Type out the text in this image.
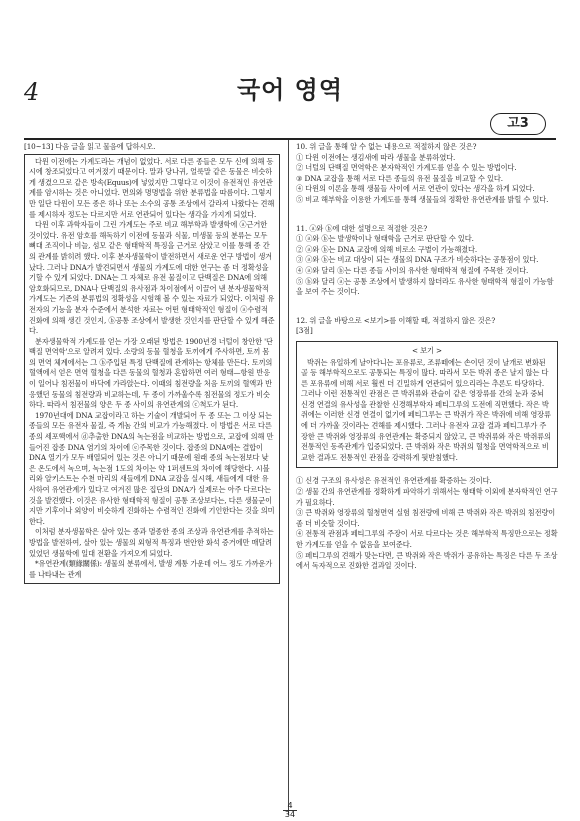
4	국어 영역
고3

[10~13] 다음 글을 읽고 물음에 답하시오.

다윈 이전에는 가계도라는 개념이 없었다. 서로 다른 종들은 모두 신에 의해 동시에 창조되었다고 여겨졌기 때문이다. 말과 당나귀, 얼룩말 같은 동물은 비슷하게 생겼으므로 같은 방속(Equus)에 넣었지만 그렇다고 이것이 유전적인 유연관계를 암시하는 것은 아니었다. 면의와 명명법을 위한 분류법을 따름이다. 그렇지만 일단 다윈이 모든 종은 하나 또는 소수의 공통 조상에서 갈라져 나왔다는 견해를 제시하자 정도는 다르지만 서로 연관되어 있다는 생각을 가지게 되었다.

다윈 이후 과학자들이 그린 가계도는 주로 비교 해부학과 발생학에 ⓐ근거한 것이었다. 유전 암호를 해독하기 이전에 동물과 식물, 미생물 등의 분류는 모두 뼈대 조직이나 비늘, 섬모 같은 형태학적 특징을 근거로 삼았고 이를 통해 종 간의 관계를 밝히려 했다. 이후 분자생물학이 발전하면서 새로운 연구 방법이 생겨났다. 그러나 DNA가 발견되면서 생물의 가계도에 대한 연구는 좀 더 정확성을 기할 수 있게 되었다. DNA는 그 자체로 유전 물질이고 단백질은 DNA에 의해 암호화되므로, DNA나 단백질의 유사점과 차이점에서 이끌어 낸 분자생물학적 가계도는 기존의 분류법의 정확성을 시험해 볼 수 있는 자료가 되었다. 이처럼 유전자의 기능을 분자 수준에서 분석한 자료는 어떤 형태학적인 형질이 ⓐ수렴적 진화에 의해 생긴 것인지, ⓑ공통 조상에서 발생한 것인지를 판단할 수 있게 해준다.

분자생물학적 가계도를 얻는 가장 오래된 방법은 1900년경 너털이 창안한 '단백질 면역학'으로 알려져 있다. 소량의 동물 혈청을 토끼에게 주사하면, 토끼 몸의 면역 체계에서는 그 ⓑ주입된 특정 단백질에 관계하는 항체를 만든다. 토끼의 혈액에서 얻은 면역 혈청을 다른 동물의 혈청과 혼합하면 여러 형태—항원 반응이 일어나 침전물이 바닥에 가라앉는다. 이때의 침전량을 처음 토끼의 혈액과 반응했던 동물의 침전량과 비교하는데, 두 종이 가까울수록 침전물의 정도가 비슷하다. 따라서 침전물의 양은 두 종 사이의 유연관계의 ⓒ척도가 된다.

1970년대에 DNA 교잡이라고 하는 기술이 개발되어 두 종 또는 그 이상 되는 종들의 모든 유전자 물질, 즉 게놈 간의 비교가 가능해졌다. 이 방법은 서로 다른 종의 세포핵에서 ⓓ추출한 DNA의 녹는점을 비교하는 방법으로, 교잡에 의해 만들어진 잡종 DNA 염기의 차이에 ⓔ주목한 것이다. 잡종의 DNA에는 결합이 DNA 열기가 모두 배열되어 있는 것은 아니기 때문에 원래 종의 녹는점보다 낮은 온도에서 녹으며, 녹는점 1도의 차이는 약 1퍼센트의 차이에 해당한다. 시블리와 알키스트는 수천 마리의 새들에게 DNA 교잡을 실시해, 새들에게 대한 유사하여 유연관계가 있다고 여겨진 많은 집단의 DNA가 실제로는 아주 다르다는 것을 발견했다. 이것은 유사한 형태학적 형질이 공통 조상보다는, 다른 생물군이지만 기후이나 외양이 비슷하게 진화하는 수렴적인 진화에 기인한다는 것을 의미한다.

이처럼 분자생물학은 살아 있는 종과 멸종한 종의 조상과 유연관계를 추적하는 방법을 발전하여, 살아 있는 생물의 외형적 특징과 번안한 화석 증거에만 매달려 있었던 생물학에 일대 전환을 가져오게 되었다.

*유연관계(類緣關係): 생물의 분류에서, 발생 계통 가운데 어느 정도 가까운가를 나타내는 관계

10. 위 글을 통해 알 수 없는 내용으로 적절하지 않은 것은?

① 다윈 이전에는 생김새에 따라 생물을 분류하였다.

② 너털의 단백질 면역학은 분자학적인 가계도를 얻을 수 있는 방법이다.

③ DNA 교잡을 통해 서로 다른 종들의 유전 물질을 비교할 수 있다.

④ 다윈의 이론을 통해 생물들 사이에 서로 연관이 있다는 생각을 하게 되었다.

⑤ 비교 해부학을 이용한 가계도를 통해 생물들의 정확한 유연관계를 밝힐 수 있다.

11. ⓐ와 ⓑ에 대한 설명으로 적절한 것은?

① ⓐ와 ⓑ는 발생학이나 형태학을 근거로 판단할 수 있다.

② ⓐ와 ⓑ는 DNA 교잡에 의해 비로소 구별이 가능해졌다.

③ ⓐ와 ⓑ는 비교 대상이 되는 생물의 DNA 구조가 비슷하다는 공통점이 있다.

④ ⓐ와 달리 ⓑ는 다른 종들 사이의 유사한 형태학적 형질에 주목한 것이다.

⑤ ⓑ와 달리 ⓐ는 공통 조상에서 발생하지 않더라도 유사한 형태학적 형질이 가능함을 보여 주는 것이다.

12. 위 글을 바탕으로 <보기>를 이해할 때, 적절하지 않은 것은?

[3점]

< 보기 >

박쥐는 유일하게 날아다니는 포유류로, 조류떼에는 손이던 것이 날개로 변화된 골 등 해부학적으로도 공통되는 특징이 많다. 따라서 모든 박쥐 종은 날지 않는 다른 포유류에 비해 서로 훨씬 더 긴밀하게 연관되어 있으리라는 추론도 타당하다. 그러나 이런 전통적인 관점은 큰 박쥐류와 관슬이 같은 영장류를 간의 눈과 중뇌 신경 연결의 유사성을 관찰한 신경해부학자 페티그루의 도전에 직면했다. 작은 박쥐에는 이러한 신경 연결이 없기에 페티그루는 큰 박쥐가 작은 박쥐에 비해 영장류에 더 가까울 것이라는 견해를 제시했다. 그러나 유전자 교잡 결과 페티그루가 주장한 큰 박쥐와 영장류의 유연관계는 확증되지 않았고, 큰 박쥐류와 작은 박쥐류의 전통적인 동족관계가 입증되었다. 큰 박쥐와 작은 박쥐의 혈청을 면역학적으로 비교한 결과도 전통적인 관점을 강력하게 뒷받침했다.

① 신경 구조의 유사성은 유전적인 유연관계를 확증하는 것이다.

② 생물 간의 유연관계를 정확하게 파악하기 위해서는 형태학 이외에 분자학적인 연구가 필요하다.

③ 큰 박쥐와 영장류의 혈청면역 실험 침전량에 비해 큰 박쥐와 작은 박쥐의 침전량이 좀 더 비슷할 것이다.

④ 전통적 관점과 페티그루의 주장이 서로 다르다는 것은 해부학적 특징만으로는 정확한 가계도를 얻을 수 없음을 보여준다.

⑤ 페티그루의 견해가 맞는다면, 큰 박쥐와 작은 박쥐가 공유하는 특징은 다른 두 조상에서 독자적으로 진화한 결과일 것이다.

4
34
